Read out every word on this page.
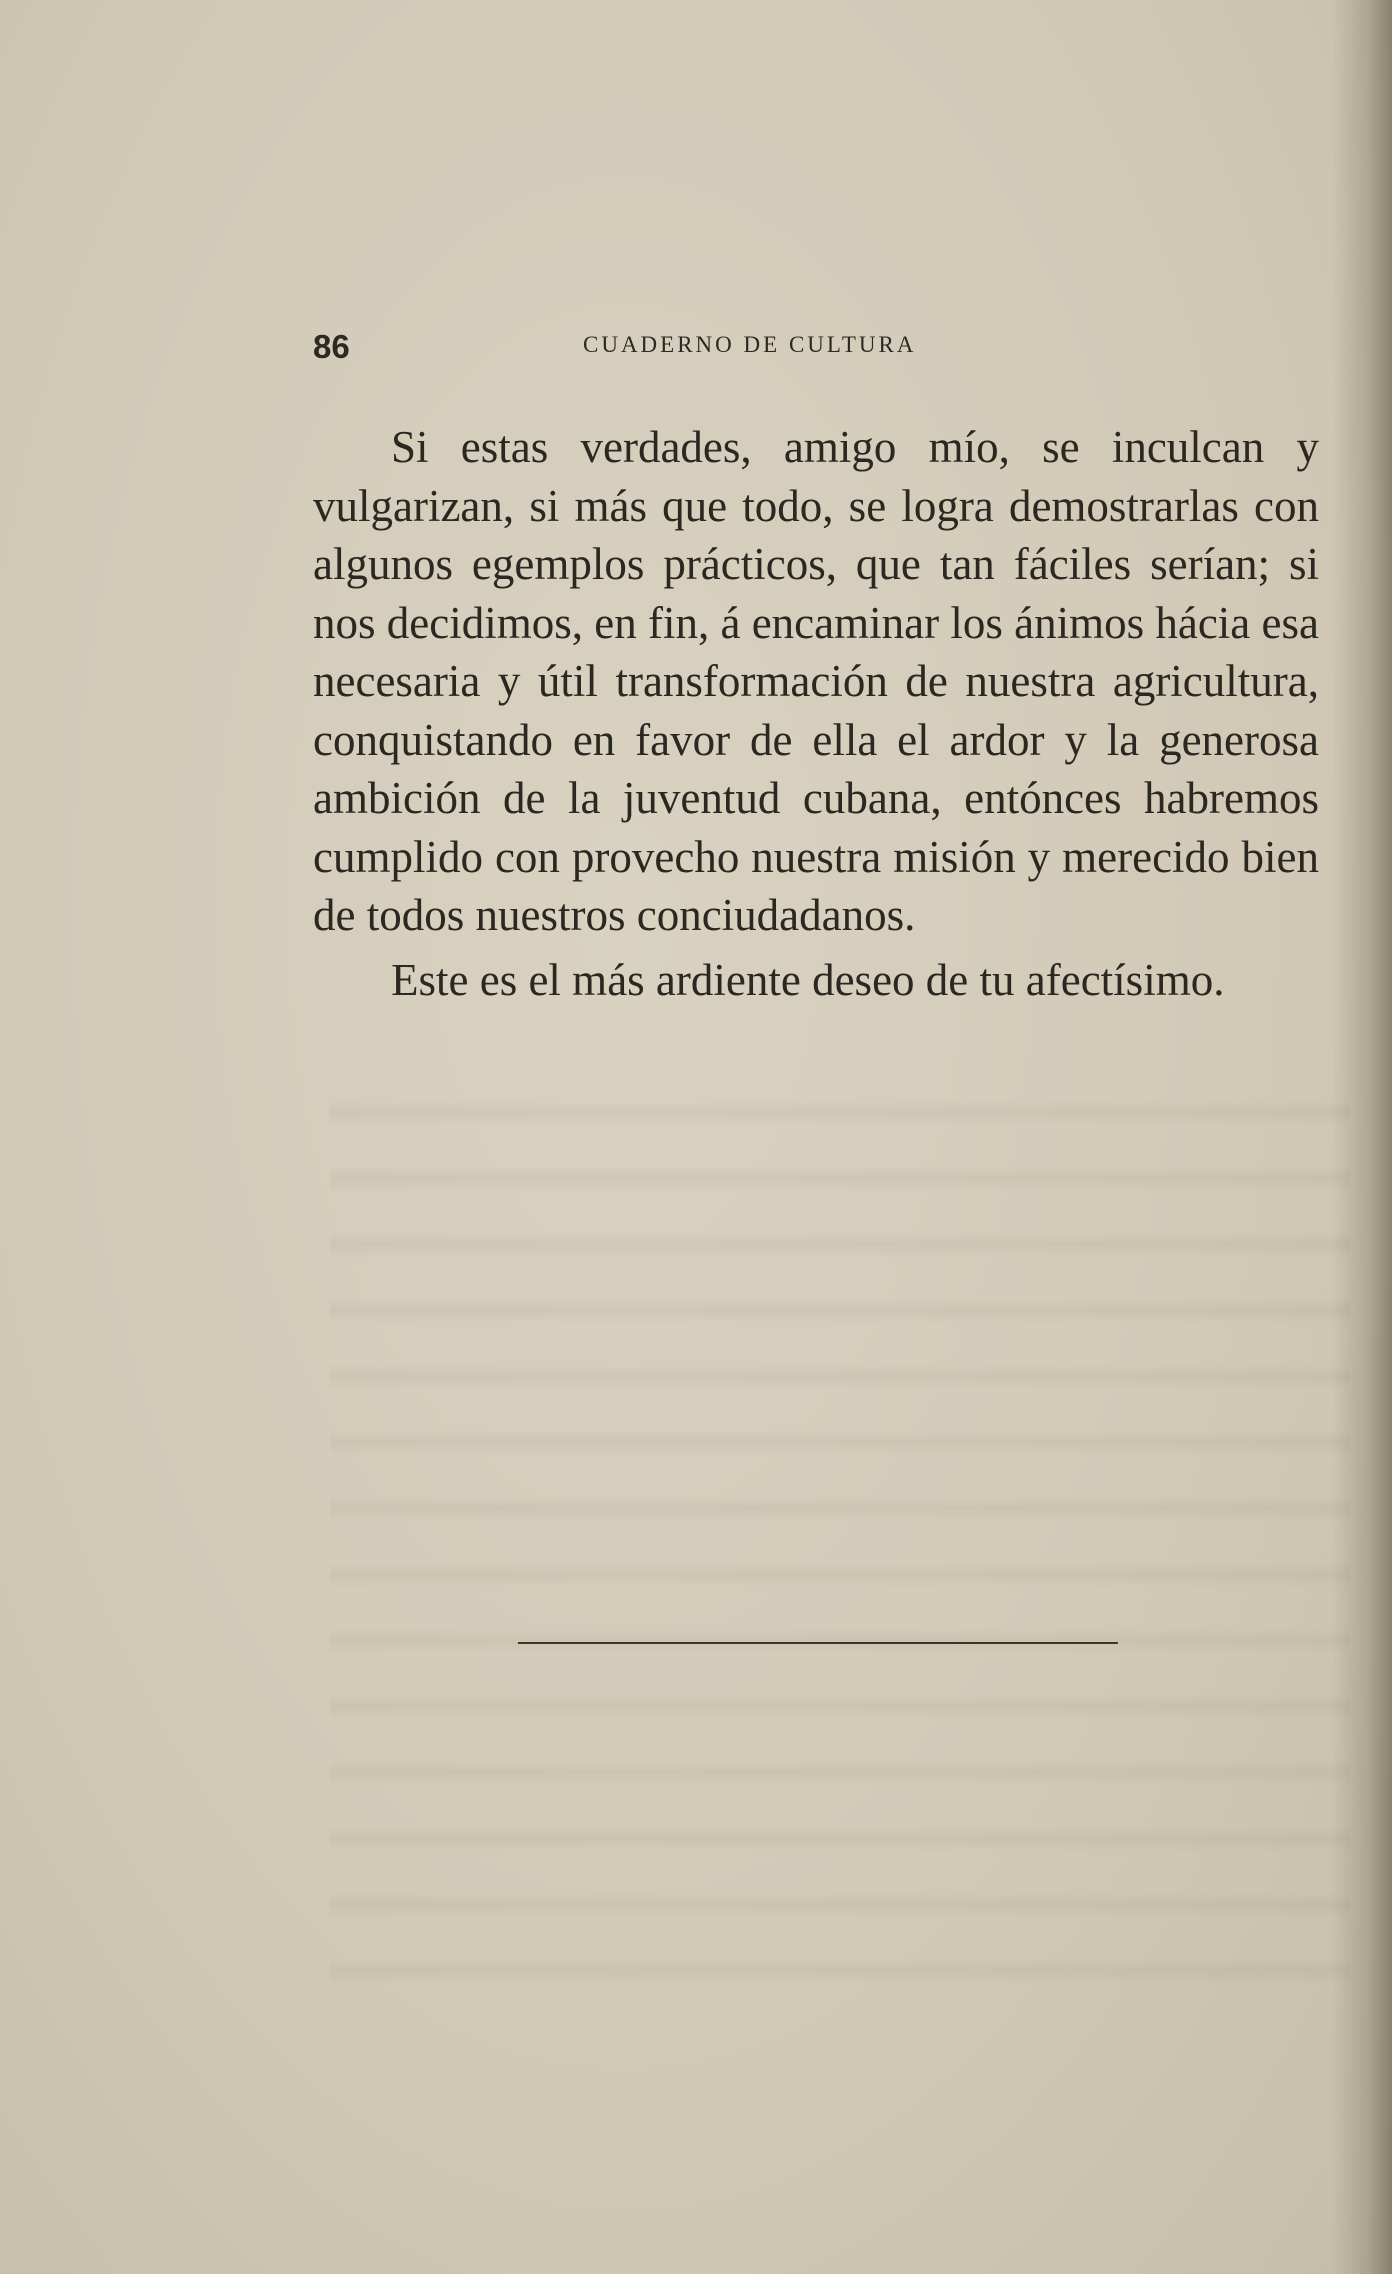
86	CUADERNO DE CULTURA

Si estas verdades, amigo mío, se inculcan y vulgarizan, si más que todo, se logra demostrarlas con algunos egemplos prácticos, que tan fáciles serían; si nos decidimos, en fin, á encaminar los ánimos hácia esa necesaria y útil transformación de nuestra agricultura, conquistando en favor de ella el ardor y la generosa ambición de la juventud cubana, entónces habremos cumplido con provecho nuestra misión y merecido bien de todos nuestros conciudadanos.

Este es el más ardiente deseo de tu afectísimo.
